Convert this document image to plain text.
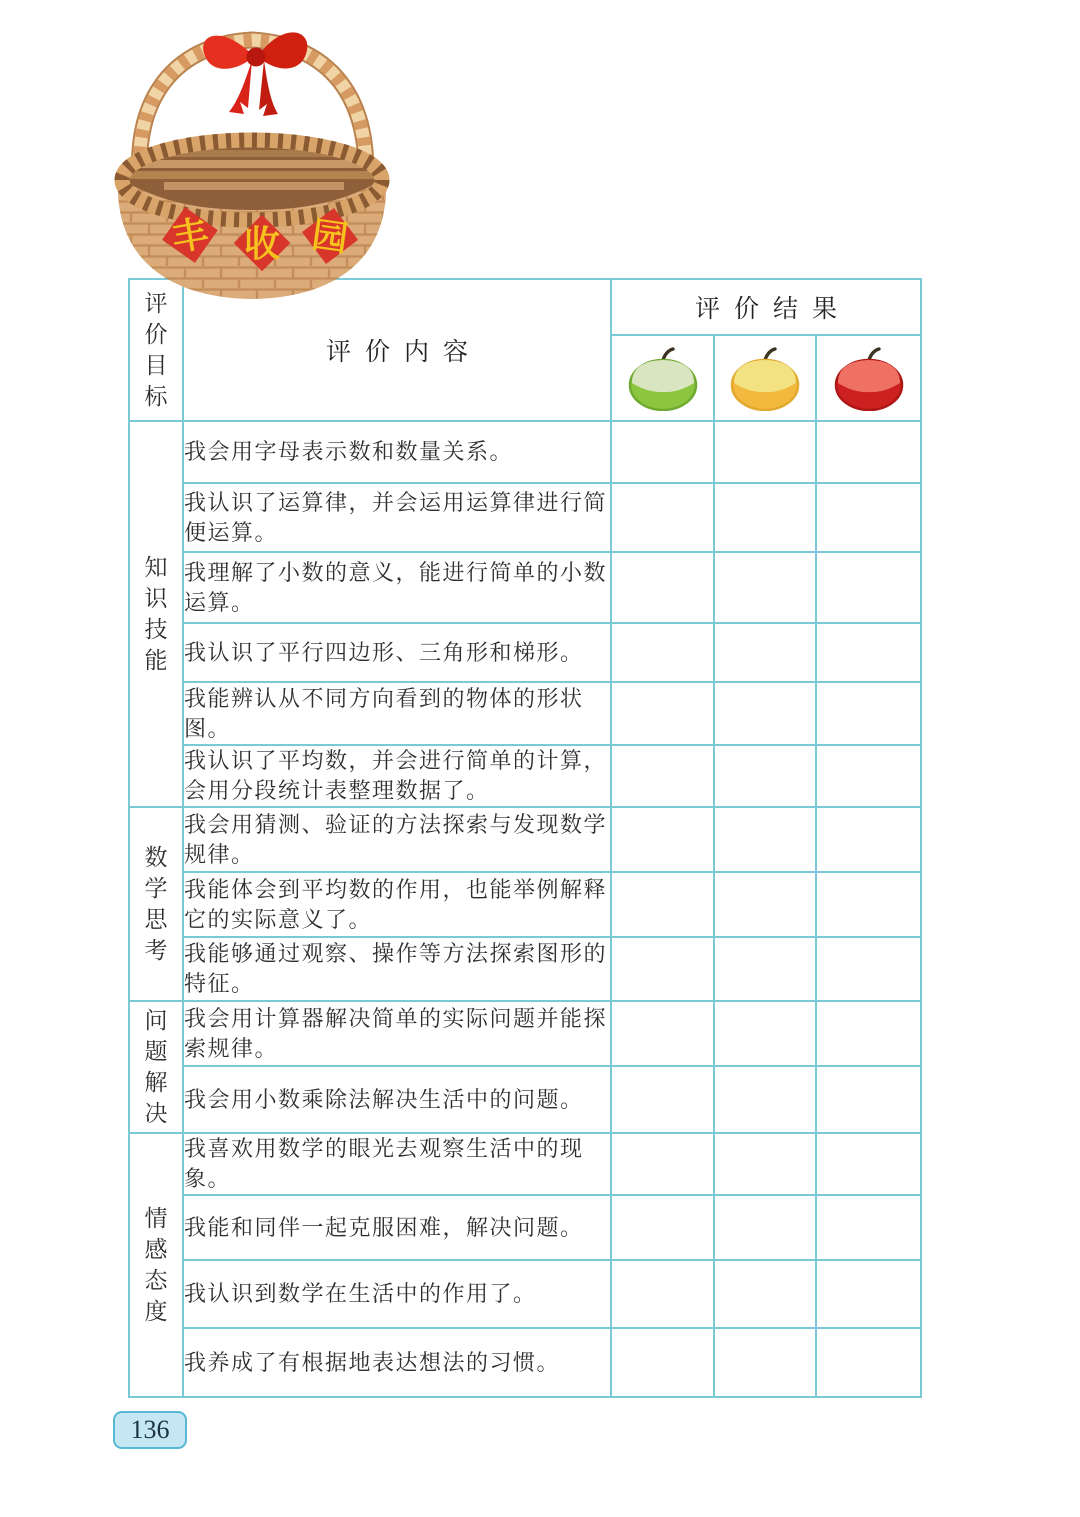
评价目标	评价内容	评价结果		

知识技能	我会用字母表示数和数量关系。			
	我认识了运算律，并会运用运算律进行简便运算。			
	我理解了小数的意义，能进行简单的小数运算。			
	我认识了平行四边形、三角形和梯形。			
	我能辨认从不同方向看到的物体的形状图。			
	我认识了平均数，并会进行简单的计算，会用分段统计表整理数据了。			

数学思考	我会用猜测、验证的方法探索与发现数学规律。			
	我能体会到平均数的作用，也能举例解释它的实际意义了。			
	我能够通过观察、操作等方法探索图形的特征。			

问题解决	我会用计算器解决简单的实际问题并能探索规律。			
	我会用小数乘除法解决生活中的问题。			

情感态度	我喜欢用数学的眼光去观察生活中的现象。			
	我能和同伴一起克服困难，解决问题。			
	我认识到数学在生活中的作用了。			
	我养成了有根据地表达想法的习惯。			
丰 收 园
136
